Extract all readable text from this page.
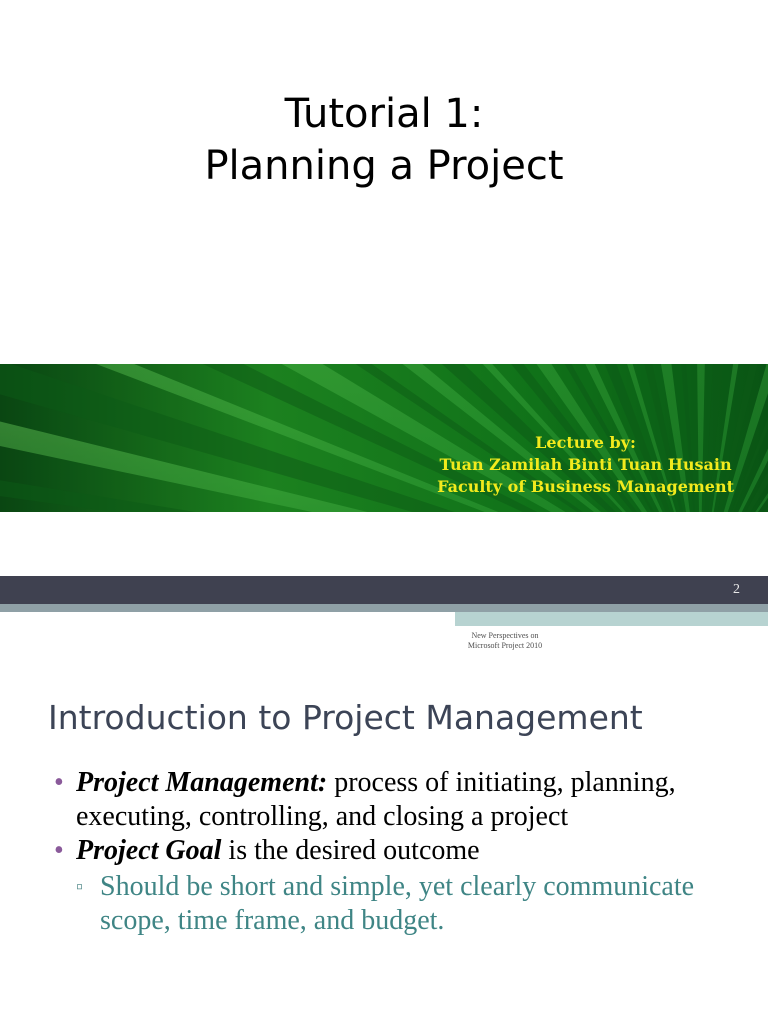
Tutorial 1:
Planning a Project
Lecture by:
Tuan Zamilah Binti Tuan Husain
Faculty of Business Management
2
New Perspectives on
Microsoft Project 2010
Introduction to Project Management
• Project Management: process of initiating, planning, executing, controlling, and closing a project
• Project Goal is the desired outcome
▫ Should be short and simple, yet clearly communicate scope, time frame, and budget.
